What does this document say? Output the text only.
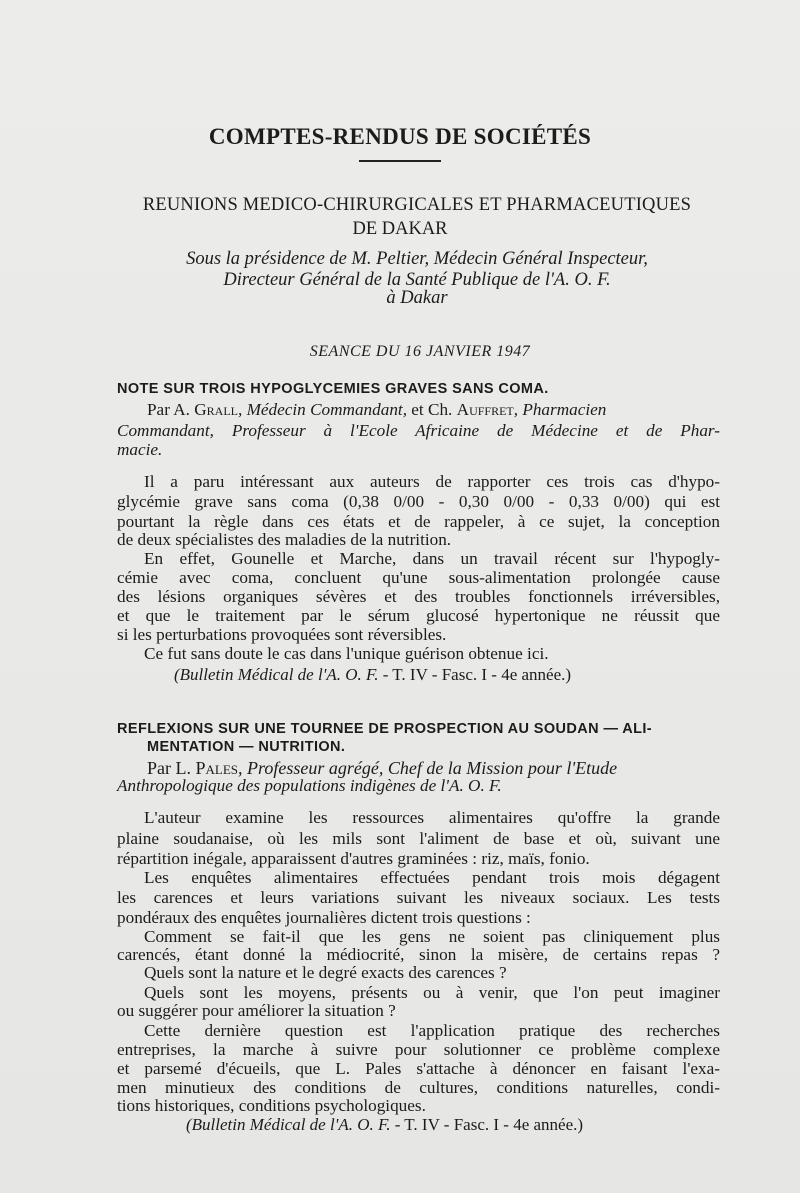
COMPTES-RENDUS DE SOCIÉTÉS
REUNIONS MEDICO-CHIRURGICALES ET PHARMACEUTIQUES
DE DAKAR
Sous la présidence de M. Peltier, Médecin Général Inspecteur,
Directeur Général de la Santé Publique de l'A. O. F.
à Dakar
SEANCE DU 16 JANVIER 1947
NOTE SUR TROIS HYPOGLYCEMIES GRAVES SANS COMA.
Par A. Grall, Médecin Commandant, et Ch. Auffret, Pharmacien
Commandant, Professeur à l'Ecole Africaine de Médecine et de Phar-
macie.
Il a paru intéressant aux auteurs de rapporter ces trois cas d'hypo-
glycémie grave sans coma (0,38 0/00 - 0,30 0/00 - 0,33 0/00) qui est
pourtant la règle dans ces états et de rappeler, à ce sujet, la conception
de deux spécialistes des maladies de la nutrition.
En effet, Gounelle et Marche, dans un travail récent sur l'hypogly-
cémie avec coma, concluent qu'une sous-alimentation prolongée cause
des lésions organiques sévères et des troubles fonctionnels irréversibles,
et que le traitement par le sérum glucosé hypertonique ne réussit que
si les perturbations provoquées sont réversibles.
Ce fut sans doute le cas dans l'unique guérison obtenue ici.
(Bulletin Médical de l'A. O. F. - T. IV - Fasc. I - 4e année.)
REFLEXIONS SUR UNE TOURNEE DE PROSPECTION AU SOUDAN — ALI-
MENTATION — NUTRITION.
Par L. Pales, Professeur agrégé, Chef de la Mission pour l'Etude
Anthropologique des populations indigènes de l'A. O. F.
L'auteur examine les ressources alimentaires qu'offre la grande
plaine soudanaise, où les mils sont l'aliment de base et où, suivant une
répartition inégale, apparaissent d'autres graminées : riz, maïs, fonio.
Les enquêtes alimentaires effectuées pendant trois mois dégagent
les carences et leurs variations suivant les niveaux sociaux. Les tests
pondéraux des enquêtes journalières dictent trois questions :
Comment se fait-il que les gens ne soient pas cliniquement plus
carencés, étant donné la médiocrité, sinon la misère, de certains repas ?
Quels sont la nature et le degré exacts des carences ?
Quels sont les moyens, présents ou à venir, que l'on peut imaginer
ou suggérer pour améliorer la situation ?
Cette dernière question est l'application pratique des recherches
entreprises, la marche à suivre pour solutionner ce problème complexe
et parsemé d'écueils, que L. Pales s'attache à dénoncer en faisant l'exa-
men minutieux des conditions de cultures, conditions naturelles, condi-
tions historiques, conditions psychologiques.
(Bulletin Médical de l'A. O. F. - T. IV - Fasc. I - 4e année.)
